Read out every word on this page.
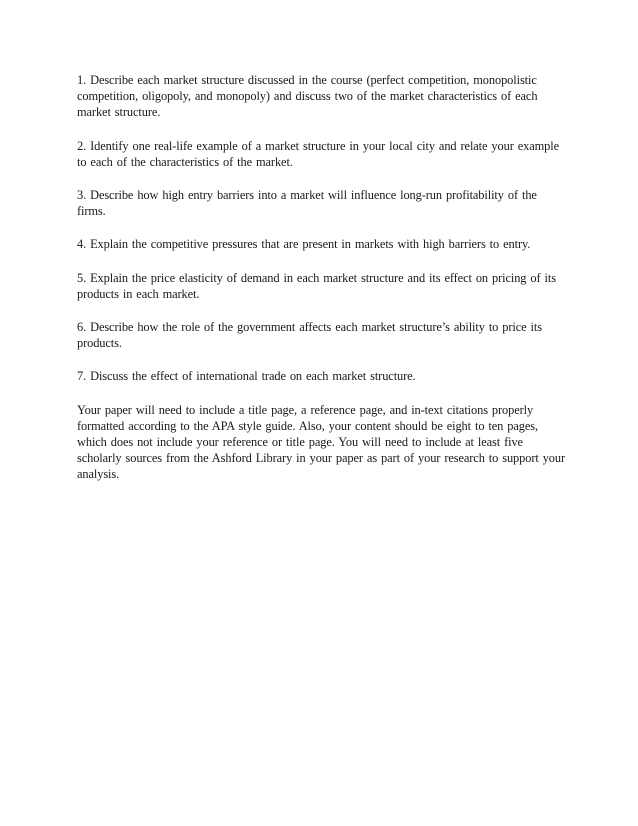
1. Describe each market structure discussed in the course (perfect competition, monopolistic competition, oligopoly, and monopoly) and discuss two of the market characteristics of each market structure.

2. Identify one real-life example of a market structure in your local city and relate your example to each of the characteristics of the market.

3. Describe how high entry barriers into a market will influence long-run profitability of the firms.

4. Explain the competitive pressures that are present in markets with high barriers to entry.

5. Explain the price elasticity of demand in each market structure and its effect on pricing of its products in each market.

6. Describe how the role of the government affects each market structure’s ability to price its products.

7. Discuss the effect of international trade on each market structure.

Your paper will need to include a title page, a reference page, and in-text citations properly formatted according to the APA style guide. Also, your content should be eight to ten pages, which does not include your reference or title page. You will need to include at least five scholarly sources from the Ashford Library in your paper as part of your research to support your analysis.
